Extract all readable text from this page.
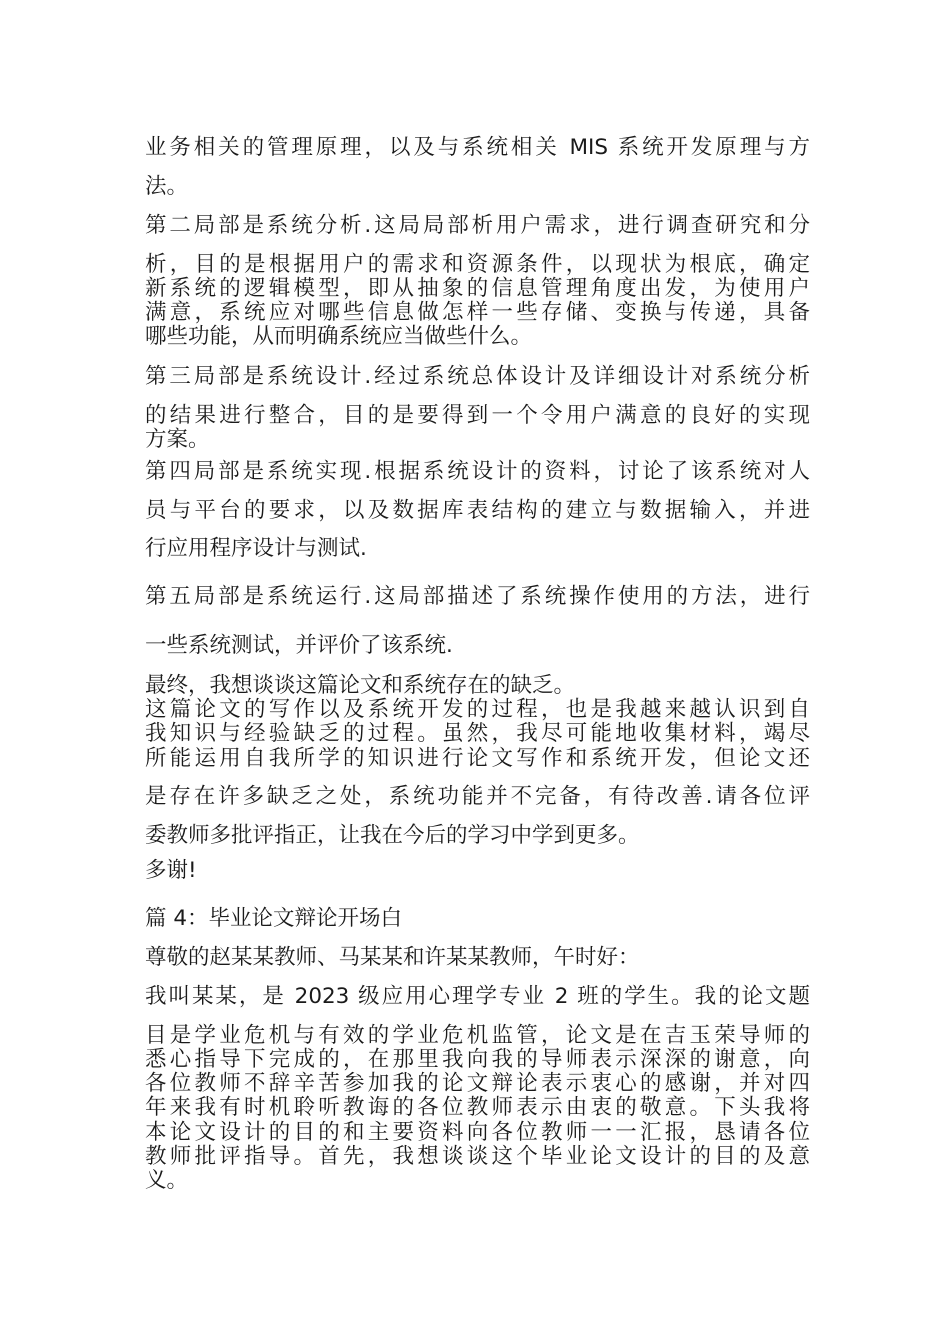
业务相关的管理原理，以及与系统相关 MIS 系统开发原理与方

法。

第二局部是系统分析.这局局部析用户需求，进行调查研究和分

析，目的是根据用户的需求和资源条件，以现状为根底，确定

新系统的逻辑模型，即从抽象的信息管理角度出发，为使用户

满意，系统应对哪些信息做怎样一些存储、变换与传递，具备

哪些功能，从而明确系统应当做些什么。

第三局部是系统设计.经过系统总体设计及详细设计对系统分析

的结果进行整合，目的是要得到一个令用户满意的良好的实现

方案。

第四局部是系统实现.根据系统设计的资料，讨论了该系统对人

员与平台的要求，以及数据库表结构的建立与数据输入，并进

行应用程序设计与测试.

第五局部是系统运行.这局部描述了系统操作使用的方法，进行

一些系统测试，并评价了该系统.

最终，我想谈谈这篇论文和系统存在的缺乏。

这篇论文的写作以及系统开发的过程，也是我越来越认识到自

我知识与经验缺乏的过程。虽然，我尽可能地收集材料，竭尽

所能运用自我所学的知识进行论文写作和系统开发，但论文还

是存在许多缺乏之处，系统功能并不完备，有待改善.请各位评

委教师多批评指正，让我在今后的学习中学到更多。

多谢!

篇 4：毕业论文辩论开场白

尊敬的赵某某教师、马某某和许某某教师，午时好：

我叫某某，是 2023 级应用心理学专业 2 班的学生。我的论文题

目是学业危机与有效的学业危机监管，论文是在吉玉荣导师的

悉心指导下完成的，在那里我向我的导师表示深深的谢意，向

各位教师不辞辛苦参加我的论文辩论表示衷心的感谢，并对四

年来我有时机聆听教诲的各位教师表示由衷的敬意。下头我将

本论文设计的目的和主要资料向各位教师一一汇报，恳请各位

教师批评指导。首先，我想谈谈这个毕业论文设计的目的及意

义。
